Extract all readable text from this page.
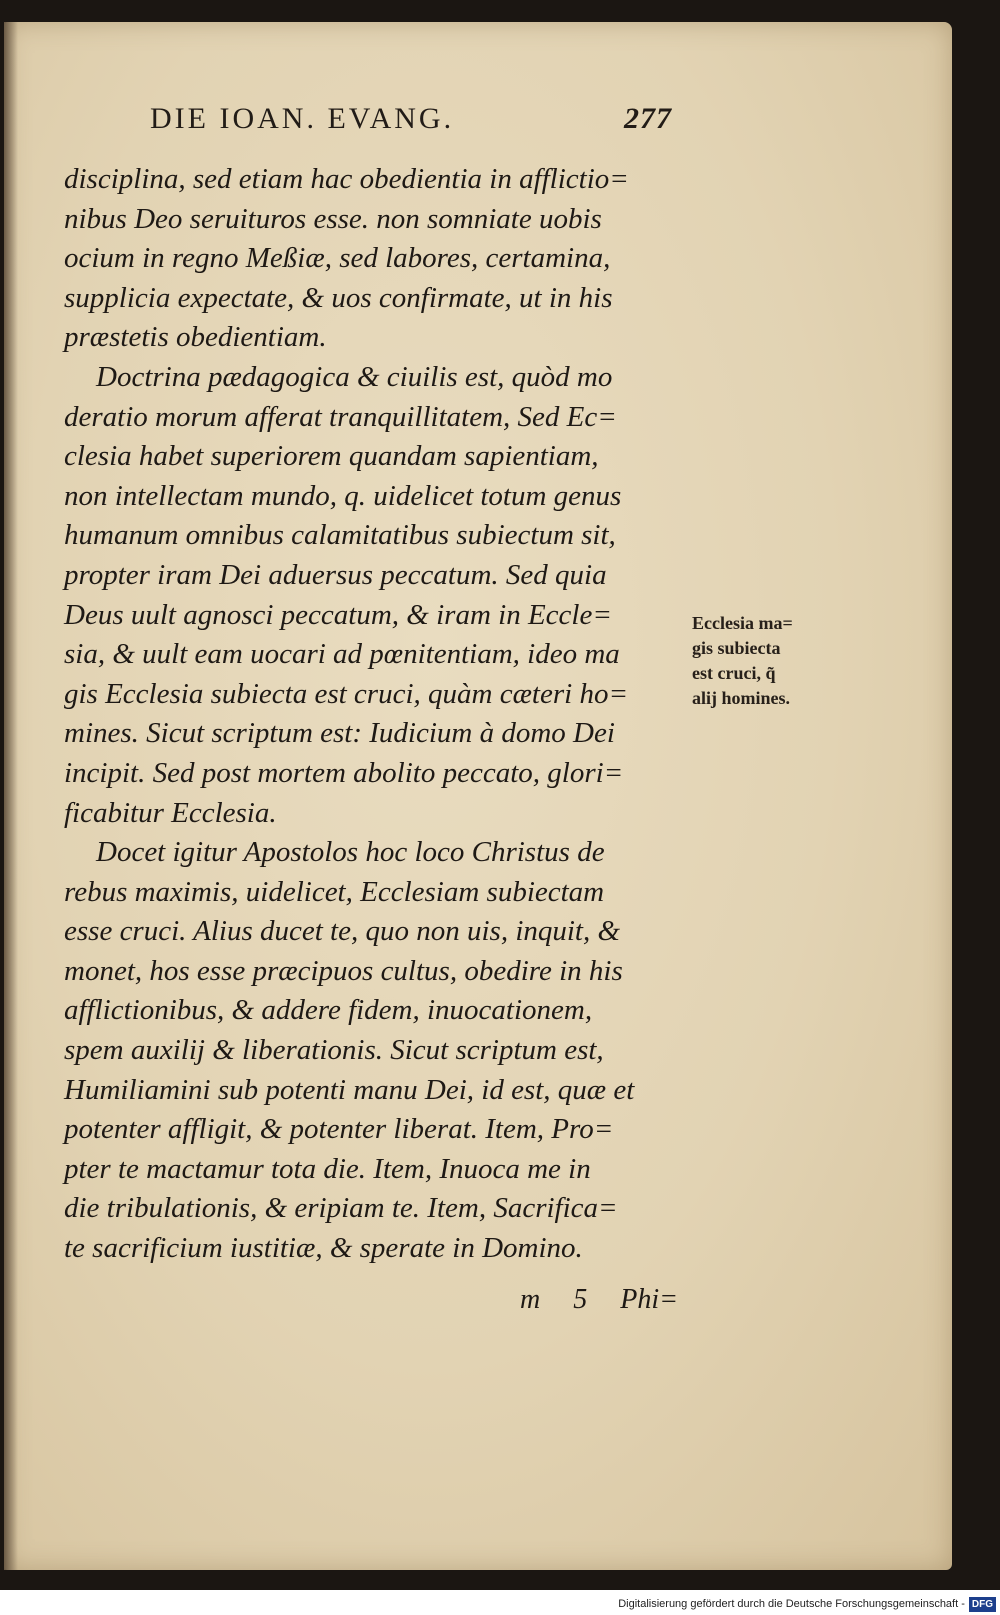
DIE IOAN. EVANG.	277
disciplina, sed etiam hac obedientia in afflictio=
nibus Deo seruituros esse. non somniate uobis
ocium in regno Meßiæ, sed labores, certamina,
supplicia expectate, & uos confirmate, ut in his
præstetis obedientiam.
Doctrina pædagogica & ciuilis est, quòd mo
deratio morum afferat tranquillitatem, Sed Ec=
clesia habet superiorem quandam sapientiam,
non intellectam mundo, q. uidelicet totum genus
humanum omnibus calamitatibus subiectum sit,
propter iram Dei aduersus peccatum. Sed quia
Deus uult agnosci peccatum, & iram in Eccle=
sia, & uult eam uocari ad pœnitentiam, ideo ma
gis Ecclesia subiecta est cruci, quàm cæteri ho=
mines. Sicut scriptum est: Iudicium à domo Dei
incipit. Sed post mortem abolito peccato, glori=
ficabitur Ecclesia.
Docet igitur Apostolos hoc loco Christus de
rebus maximis, uidelicet, Ecclesiam subiectam
esse cruci. Alius ducet te, quo non uis, inquit, &
monet, hos esse præcipuos cultus, obedire in his
afflictionibus, & addere fidem, inuocationem,
spem auxilij & liberationis. Sicut scriptum est,
Humiliamini sub potenti manu Dei, id est, quæ et
potenter affligit, & potenter liberat. Item, Pro=
pter te mactamur tota die. Item, Inuoca me in
die tribulationis, & eripiam te. Item, Sacrifica=
te sacrificium iustitiæ, & sperate in Domino.
Ecclesia ma=
gis subiecta
est cruci, q̃
alij homines.
m 5 Phi=
Digitalisierung gefördert durch die Deutsche Forschungsgemeinschaft - DFG
